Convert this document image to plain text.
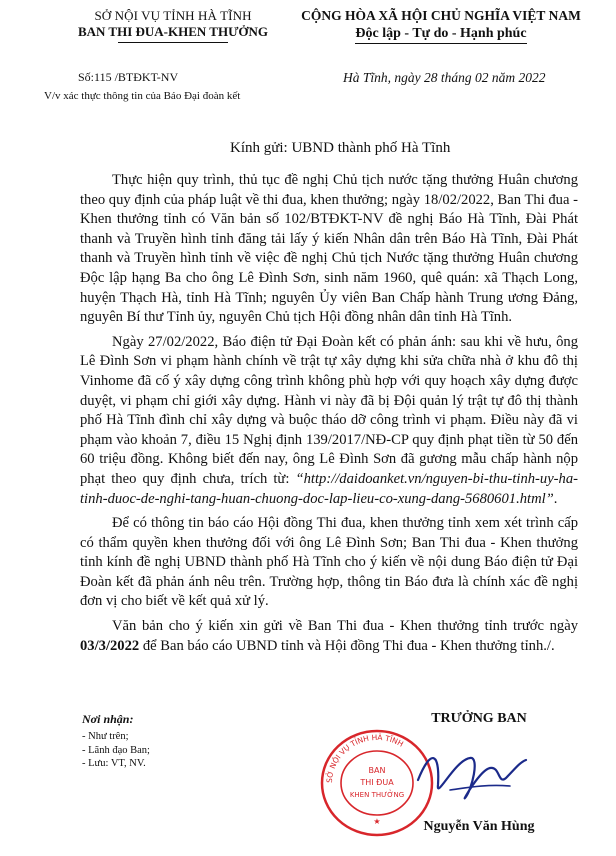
SỞ NỘI VỤ TỈNH HÀ TĨNH
BAN THI ĐUA-KHEN THƯỞNG
CỘNG HÒA XÃ HỘI CHỦ NGHĨA VIỆT NAM
Độc lập - Tự do - Hạnh phúc
Số:115 /BTĐKT-NV
V/v xác thực thông tin của Báo Đại đoàn kết
Hà Tĩnh, ngày 28 tháng 02 năm 2022
Kính gửi: UBND thành phố Hà Tĩnh

Thực hiện quy trình, thủ tục đề nghị Chủ tịch nước tặng thưởng Huân chương theo quy định của pháp luật về thi đua, khen thưởng; ngày 18/02/2022, Ban Thi đua - Khen thưởng tỉnh có Văn bản số 102/BTĐKT-NV đề nghị Báo Hà Tĩnh, Đài Phát thanh và Truyền hình tỉnh đăng tải lấy ý kiến Nhân dân trên Báo Hà Tĩnh, Đài Phát thanh và Truyền hình tỉnh về việc đề nghị Chủ tịch Nước tặng thưởng Huân chương Độc lập hạng Ba cho ông Lê Đình Sơn, sinh năm 1960, quê quán: xã Thạch Long, huyện Thạch Hà, tỉnh Hà Tĩnh; nguyên Ủy viên Ban Chấp hành Trung ương Đảng, nguyên Bí thư Tỉnh ủy, nguyên Chủ tịch Hội đồng nhân dân tỉnh Hà Tĩnh.

Ngày 27/02/2022, Báo điện tử Đại Đoàn kết có phản ánh: sau khi về hưu, ông Lê Đình Sơn vi phạm hành chính về trật tự xây dựng khi sửa chữa nhà ở khu đô thị Vinhome đã cố ý xây dựng công trình không phù hợp với quy hoạch xây dựng được duyệt, vi phạm chỉ giới xây dựng. Hành vi này đã bị Đội quản lý trật tự đô thị thành phố Hà Tĩnh đình chỉ xây dựng và buộc tháo dỡ công trình vi phạm. Điều này đã vi phạm vào khoản 7, điều 15 Nghị định 139/2017/NĐ-CP quy định phạt tiền từ 50 đến 60 triệu đồng. Không biết đến nay, ông Lê Đình Sơn đã gương mẫu chấp hành nộp phạt theo quy định chưa, trích từ: “http://daidoanket.vn/nguyen-bi-thu-tinh-uy-ha-tinh-duoc-de-nghi-tang-huan-chuong-doc-lap-lieu-co-xung-dang-5680601.html”.

Để có thông tin báo cáo Hội đồng Thi đua, khen thưởng tỉnh xem xét trình cấp có thẩm quyền khen thưởng đối với ông Lê Đình Sơn; Ban Thi đua - Khen thưởng tỉnh kính đề nghị UBND thành phố Hà Tĩnh cho ý kiến về nội dung Báo điện tử Đại Đoàn kết đã phản ánh nêu trên. Trường hợp, thông tin Báo đưa là chính xác đề nghị đơn vị cho biết về kết quả xử lý.

Văn bản cho ý kiến xin gửi về Ban Thi đua - Khen thưởng tỉnh trước ngày 03/3/2022 để Ban báo cáo UBND tỉnh và Hội đồng Thi đua - Khen thưởng tỉnh./.

Nơi nhận:
- Như trên;
- Lãnh đạo Ban;
- Lưu: VT, NV.
TRƯỞNG BAN
SỞ NỘI VỤ TỈNH HÀ TĨNH
BAN
THI ĐUA
KHEN THƯỞNG
★	Nguyễn Văn Hùng
